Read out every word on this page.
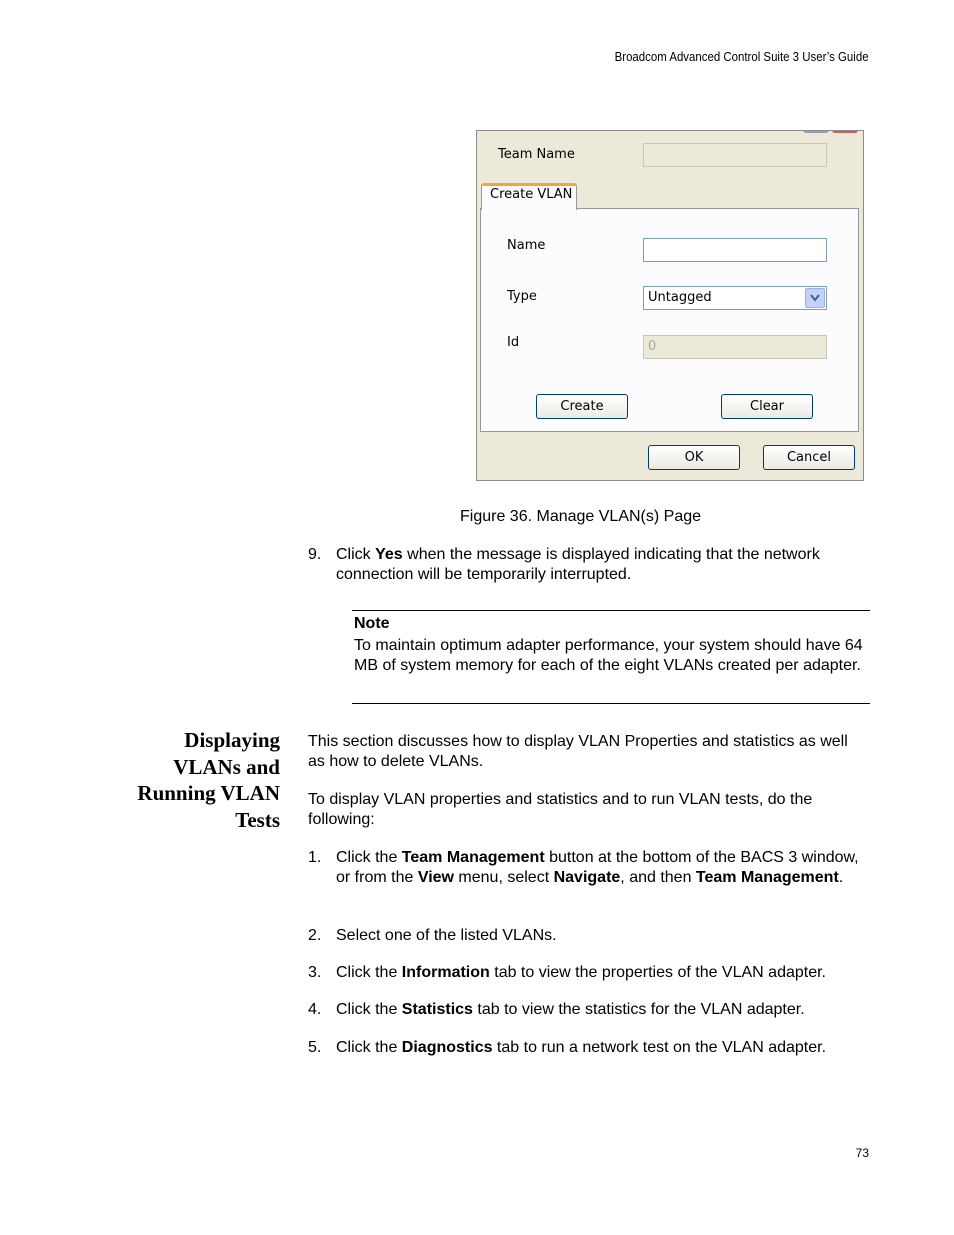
Broadcom Advanced Control Suite 3 User’s Guide
Team Name
Create VLAN
Name
Type	Untagged
Id	0
Create	Clear
OK	Cancel
Figure 36. Manage VLAN(s) Page
9. Click Yes when the message is displayed indicating that the network connection will be temporarily interrupted.
Note
To maintain optimum adapter performance, your system should have 64 MB of system memory for each of the eight VLANs created per adapter.
Displaying
VLANs and
Running VLAN
Tests
This section discusses how to display VLAN Properties and statistics as well as how to delete VLANs.
To display VLAN properties and statistics and to run VLAN tests, do the following:
1. Click the Team Management button at the bottom of the BACS 3 window, or from the View menu, select Navigate, and then Team Management.
2. Select one of the listed VLANs.
3. Click the Information tab to view the properties of the VLAN adapter.
4. Click the Statistics tab to view the statistics for the VLAN adapter.
5. Click the Diagnostics tab to run a network test on the VLAN adapter.
73
